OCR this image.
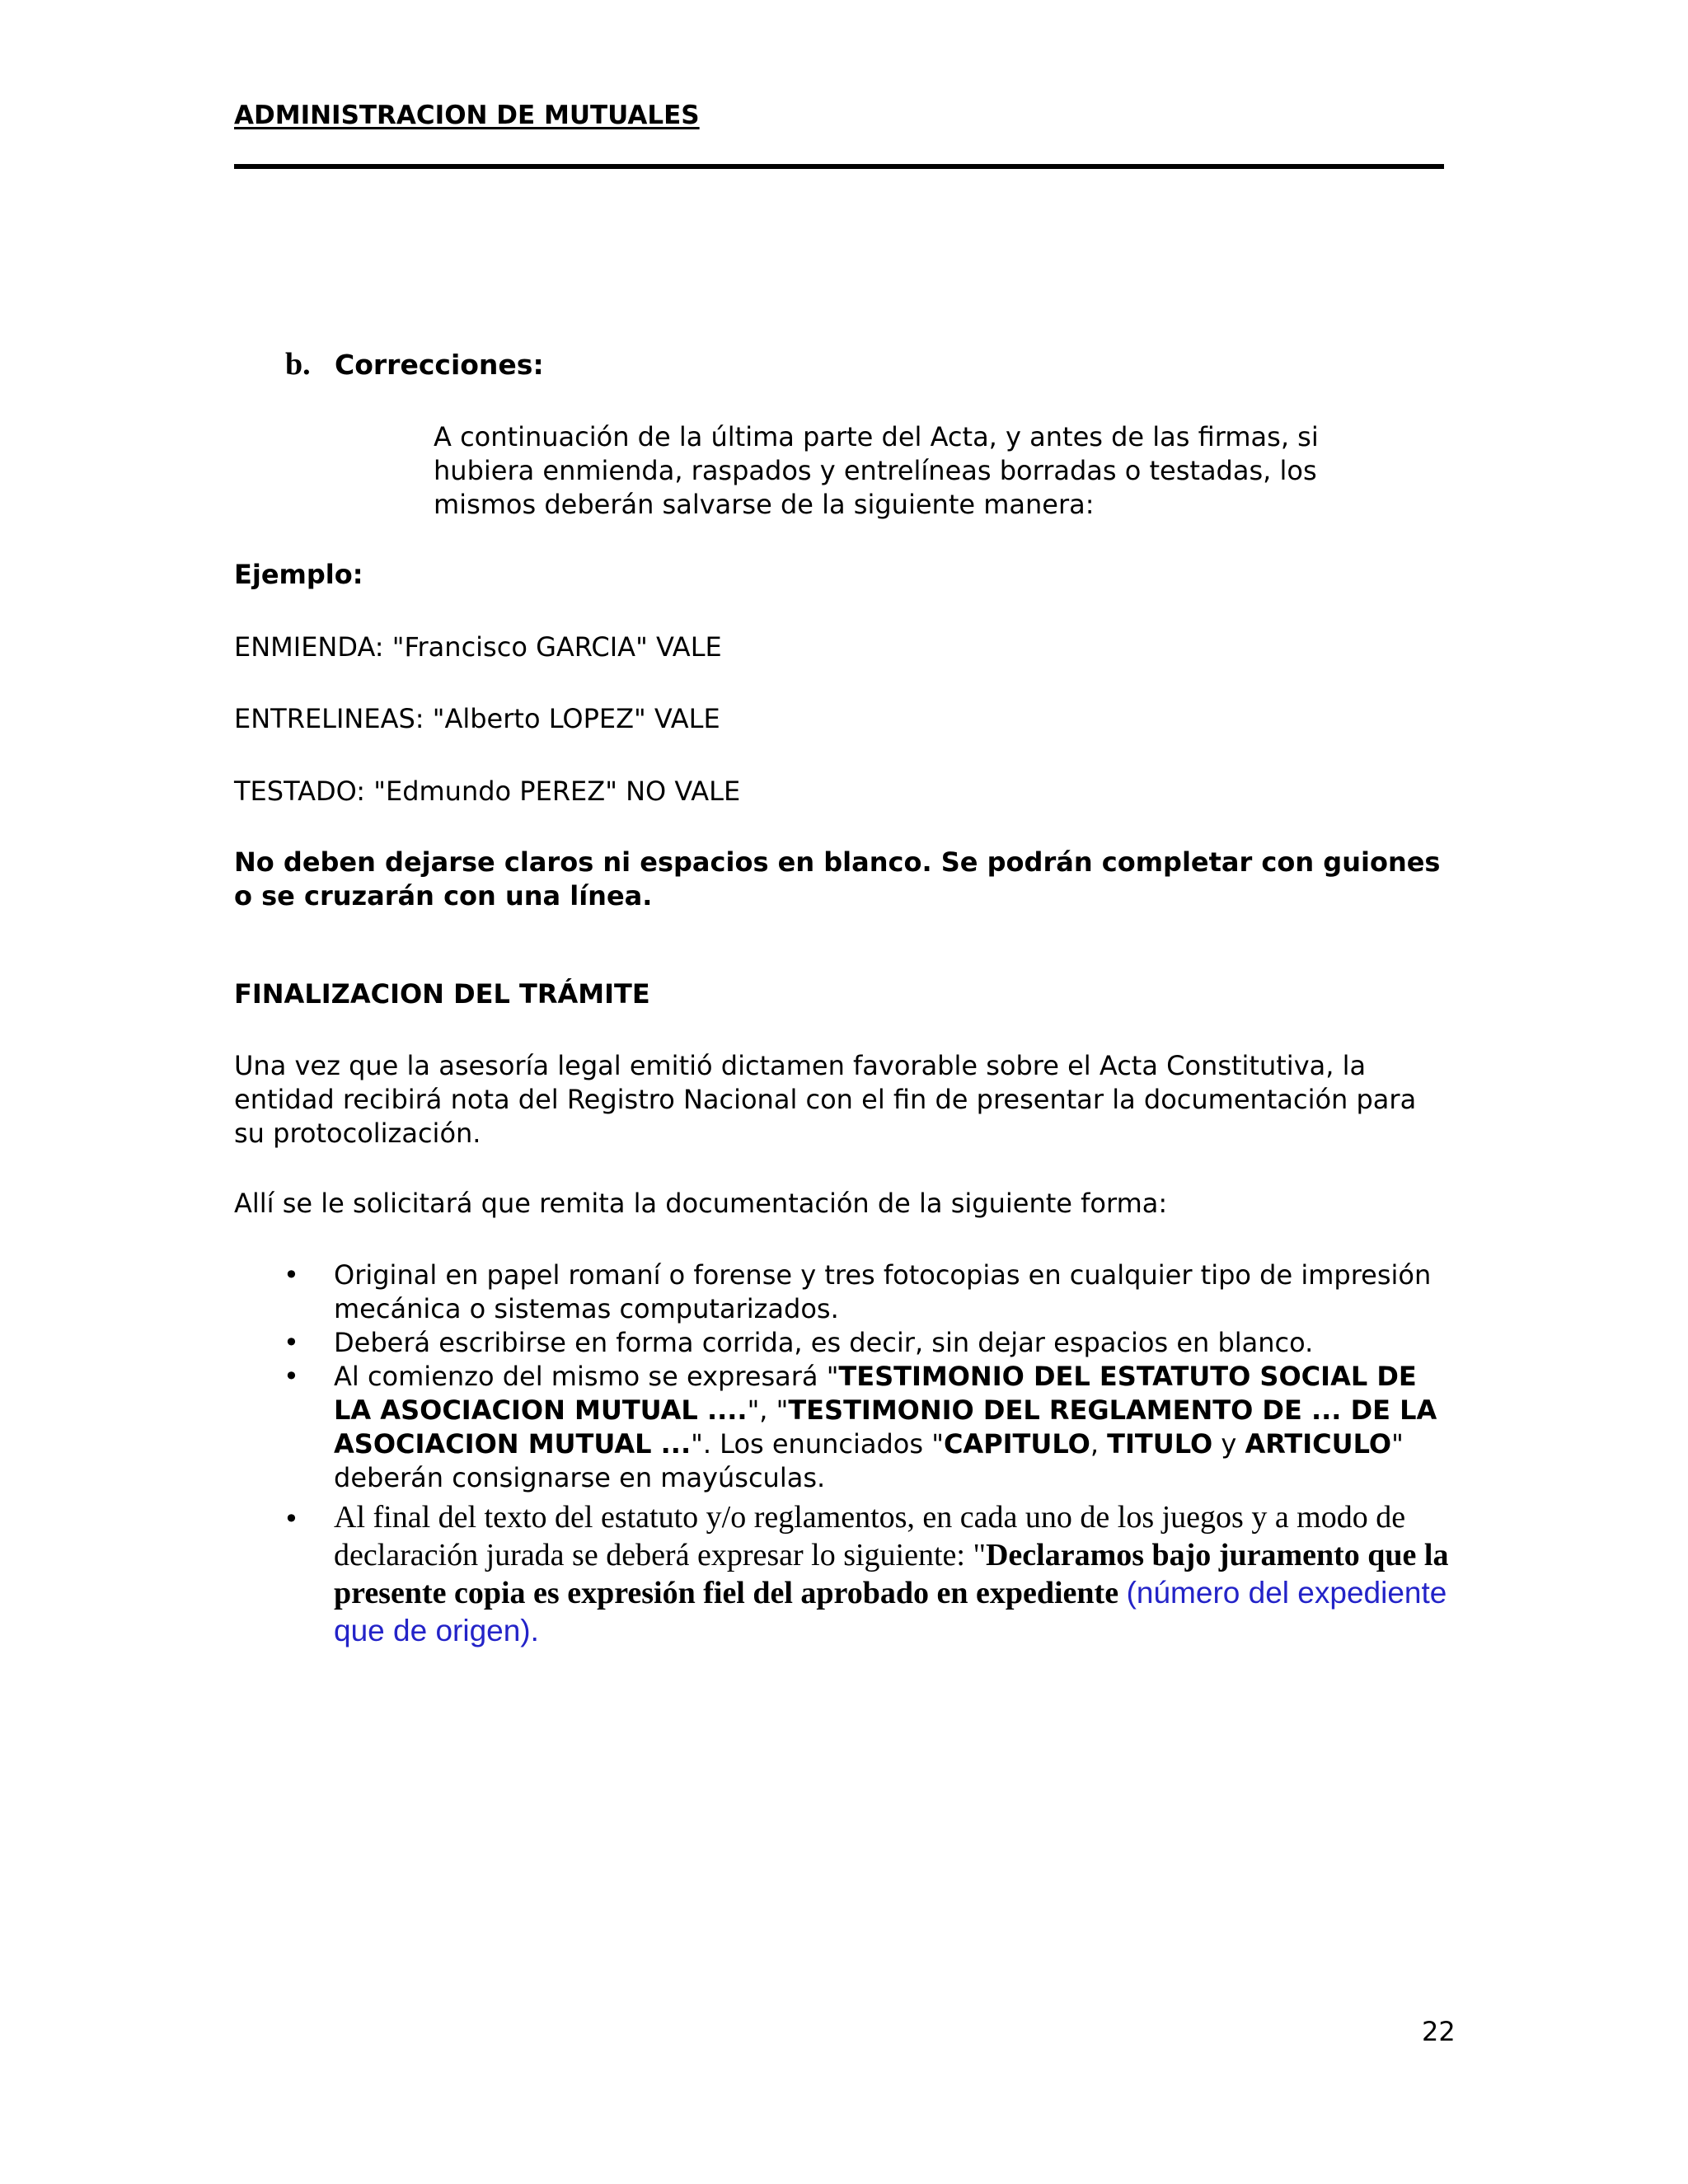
ADMINISTRACION DE MUTUALES
b. Correcciones:

A continuación de la última parte del Acta, y antes de las firmas, si hubiera enmienda, raspados y entrelíneas borradas o testadas, los mismos deberán salvarse de la siguiente manera:

Ejemplo:

ENMIENDA: "Francisco GARCIA" VALE

ENTRELINEAS: "Alberto LOPEZ" VALE

TESTADO: "Edmundo PEREZ" NO VALE

No deben dejarse claros ni espacios en blanco. Se podrán completar con guiones o se cruzarán con una línea.

FINALIZACION DEL TRÁMITE

Una vez que la asesoría legal emitió dictamen favorable sobre el Acta Constitutiva, la entidad recibirá nota del Registro Nacional con el fin de presentar la documentación para su protocolización.

Allí se le solicitará que remita la documentación de la siguiente forma:

• Original en papel romaní o forense y tres fotocopias en cualquier tipo de impresión mecánica o sistemas computarizados.
• Deberá escribirse en forma corrida, es decir, sin dejar espacios en blanco.
• Al comienzo del mismo se expresará "TESTIMONIO DEL ESTATUTO SOCIAL DE LA ASOCIACION MUTUAL ....", "TESTIMONIO DEL REGLAMENTO DE ... DE LA ASOCIACION MUTUAL ...". Los enunciados "CAPITULO, TITULO y ARTICULO" deberán consignarse en mayúsculas.
• Al final del texto del estatuto y/o reglamentos, en cada uno de los juegos y a modo de declaración jurada se deberá expresar lo siguiente: "Declaramos bajo juramento que la presente copia es expresión fiel del aprobado en expediente (número del expediente que de origen).
22
